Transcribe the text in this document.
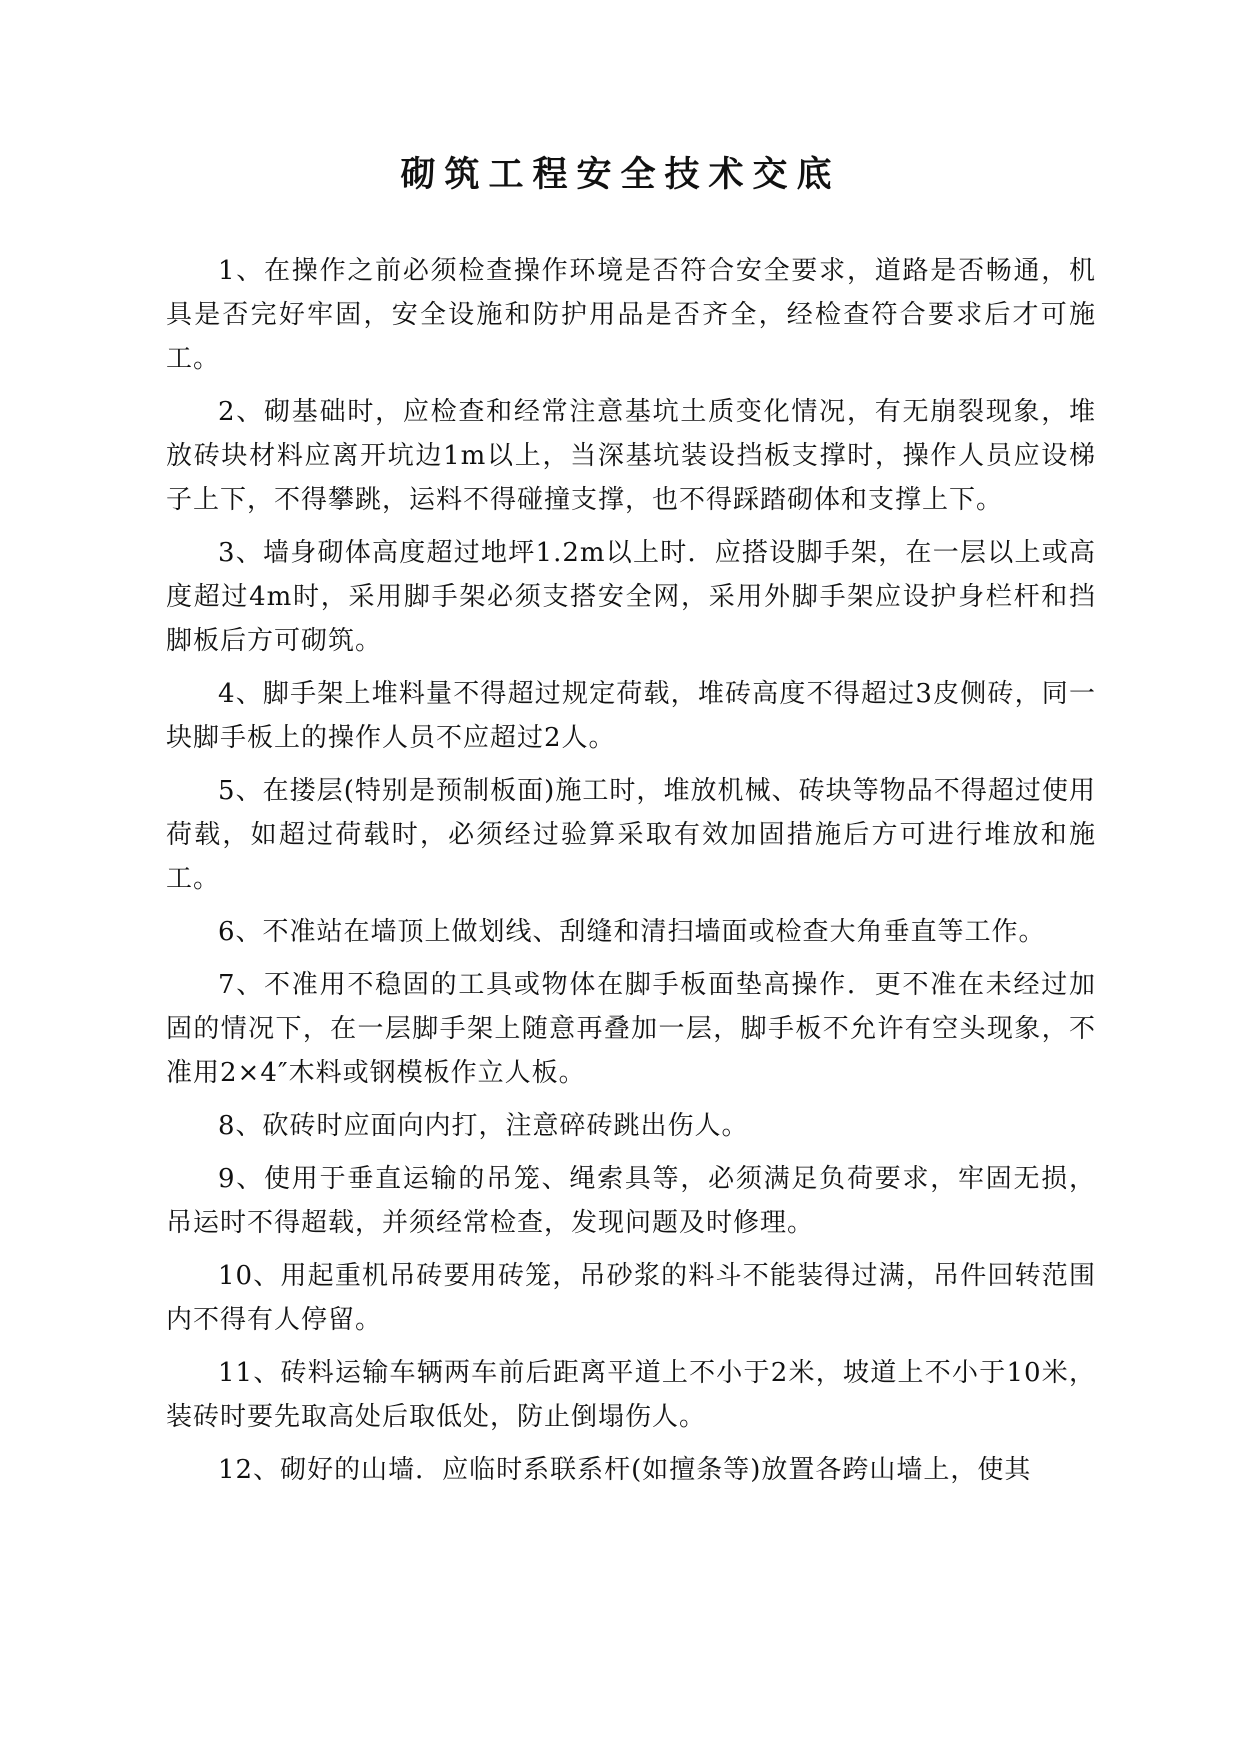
砌筑工程安全技术交底

1、在操作之前必须检查操作环境是否符合安全要求，道路是否畅通，机具是否完好牢固，安全设施和防护用品是否齐全，经检查符合要求后才可施工。

2、砌基础时，应检查和经常注意基坑土质变化情况，有无崩裂现象，堆放砖块材料应离开坑边1m以上，当深基坑装设挡板支撑时，操作人员应设梯子上下，不得攀跳，运料不得碰撞支撑，也不得踩踏砌体和支撑上下。

3、墙身砌体高度超过地坪1.2m以上时．应搭设脚手架，在一层以上或高度超过4m时，采用脚手架必须支搭安全网，采用外脚手架应设护身栏杆和挡脚板后方可砌筑。

4、脚手架上堆料量不得超过规定荷载，堆砖高度不得超过3皮侧砖，同一块脚手板上的操作人员不应超过2人。

5、在搂层(特别是预制板面)施工时，堆放机械、砖块等物品不得超过使用荷载，如超过荷载时，必须经过验算采取有效加固措施后方可进行堆放和施工。

6、不准站在墙顶上做划线、刮缝和清扫墙面或检查大角垂直等工作。

7、不准用不稳固的工具或物体在脚手板面垫高操作．更不准在未经过加固的情况下，在一层脚手架上随意再叠加一层，脚手板不允许有空头现象，不准用2×4″木料或钢模板作立人板。

8、砍砖时应面向内打，注意碎砖跳出伤人。

9、使用于垂直运输的吊笼、绳索具等，必须满足负荷要求，牢固无损，吊运时不得超载，并须经常检查，发现问题及时修理。

10、用起重机吊砖要用砖笼，吊砂浆的料斗不能装得过满，吊件回转范围内不得有人停留。

11、砖料运输车辆两车前后距离平道上不小于2米，坡道上不小于10米，装砖时要先取高处后取低处，防止倒塌伤人。

12、砌好的山墙．应临时系联系杆(如擅条等)放置各跨山墙上，使其
